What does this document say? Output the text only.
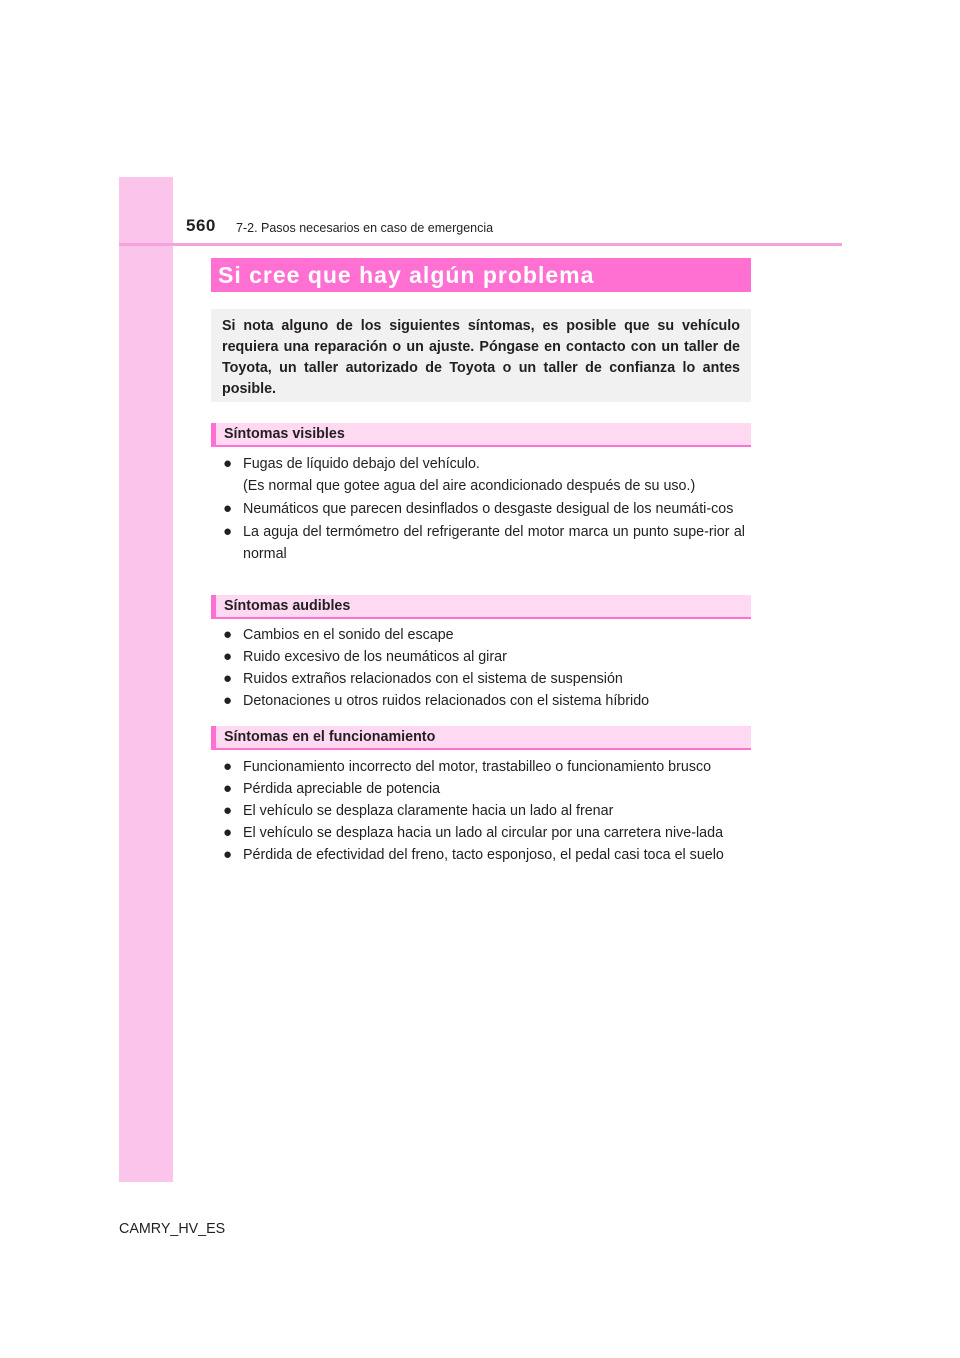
560 7-2. Pasos necesarios en caso de emergencia
Si cree que hay algún problema
Si nota alguno de los siguientes síntomas, es posible que su vehículo requiera una reparación o un ajuste. Póngase en contacto con un taller de Toyota, un taller autorizado de Toyota o un taller de confianza lo antes posible.
Síntomas visibles
● Fugas de líquido debajo del vehículo.
(Es normal que gotee agua del aire acondicionado después de su uso.)
● Neumáticos que parecen desinflados o desgaste desigual de los neumáti-cos
● La aguja del termómetro del refrigerante del motor marca un punto supe-rior al normal
Síntomas audibles
● Cambios en el sonido del escape
● Ruido excesivo de los neumáticos al girar
● Ruidos extraños relacionados con el sistema de suspensión
● Detonaciones u otros ruidos relacionados con el sistema híbrido
Síntomas en el funcionamiento
● Funcionamiento incorrecto del motor, trastabilleo o funcionamiento brusco
● Pérdida apreciable de potencia
● El vehículo se desplaza claramente hacia un lado al frenar
● El vehículo se desplaza hacia un lado al circular por una carretera nive-lada
● Pérdida de efectividad del freno, tacto esponjoso, el pedal casi toca el suelo
CAMRY_HV_ES
